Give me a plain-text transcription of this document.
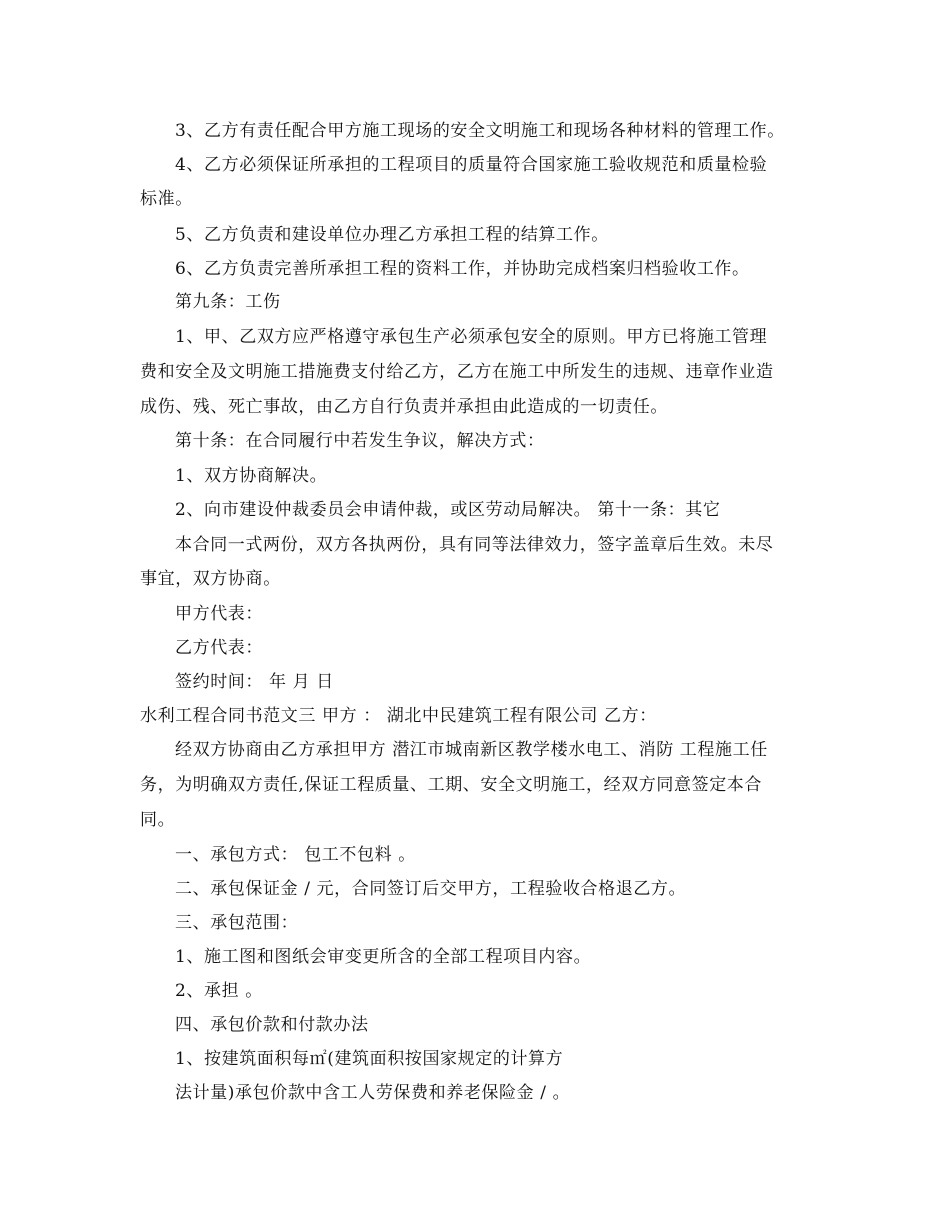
3、乙方有责任配合甲方施工现场的安全文明施工和现场各种材料的管理工作。
4、乙方必须保证所承担的工程项目的质量符合国家施工验收规范和质量检验
标准。
5、乙方负责和建设单位办理乙方承担工程的结算工作。
6、乙方负责完善所承担工程的资料工作，并协助完成档案归档验收工作。
第九条：工伤
1、甲、乙双方应严格遵守承包生产必须承包安全的原则。甲方已将施工管理
费和安全及文明施工措施费支付给乙方，乙方在施工中所发生的违规、违章作业造
成伤、残、死亡事故，由乙方自行负责并承担由此造成的一切责任。
第十条：在合同履行中若发生争议，解决方式：
1、双方协商解决。
2、向市建设仲裁委员会申请仲裁，或区劳动局解决。 第十一条：其它
本合同一式两份，双方各执两份，具有同等法律效力，签字盖章后生效。未尽
事宜，双方协商。
甲方代表：
乙方代表：
签约时间： 年 月 日
水利工程合同书范文三 甲方 ： 湖北中民建筑工程有限公司 乙方：
经双方协商由乙方承担甲方 潜江市城南新区教学楼水电工、消防 工程施工任
务，为明确双方责任,保证工程质量、工期、安全文明施工，经双方同意签定本合
同。
一、承包方式： 包工不包料 。
二、承包保证金 / 元，合同签订后交甲方，工程验收合格退乙方。
三、承包范围：
1、施工图和图纸会审变更所含的全部工程项目内容。
2、承担 。
四、承包价款和付款办法
1、按建筑面积每㎡(建筑面积按国家规定的计算方
法计量)承包价款中含工人劳保费和养老保险金 / 。
